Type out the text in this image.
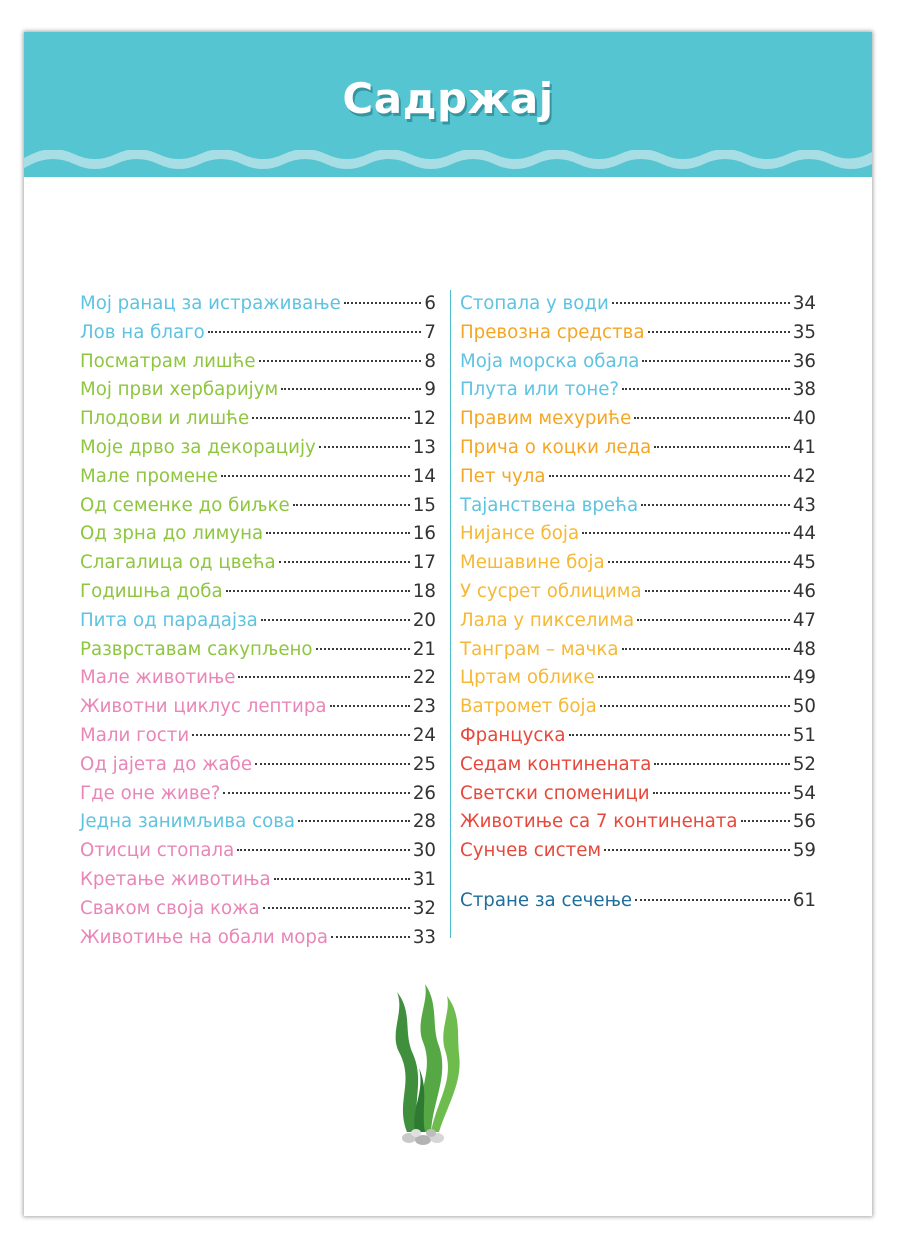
Садржај
Мој ранац за истраживање	6
Лов на благо	7
Посматрам лишће	8
Мој први хербаријум	9
Плодови и лишће	12
Моје дрво за декорацију	13
Мале промене	14
Од семенке до биљке	15
Од зрна до лимуна	16
Слагалица од цвећа	17
Годишња доба	18
Пита од парадајза	20
Разврставам сакупљено	21
Мале животиње	22
Животни циклус лептира	23
Мали гости	24
Од јајета до жабе	25
Где оне живе?	26
Једна занимљива сова	28
Отисци стопала	30
Кретање животиња	31
Сваком своја кожа	32
Животиње на обали мора	33
Стопала у води	34
Превозна средства	35
Моја морска обала	36
Плута или тоне?	38
Правим мехуриће	40
Прича о коцки леда	41
Пет чула	42
Тајанствена врећа	43
Нијансе боја	44
Мешавине боја	45
У сусрет облицима	46
Лала у пикселима	47
Танграм – мачка	48
Цртам облике	49
Ватромет боја	50
Француска	51
Седам континената	52
Светски споменици	54
Животиње са 7 континената	56
Сунчев систем	59
Стране за сечење	61
